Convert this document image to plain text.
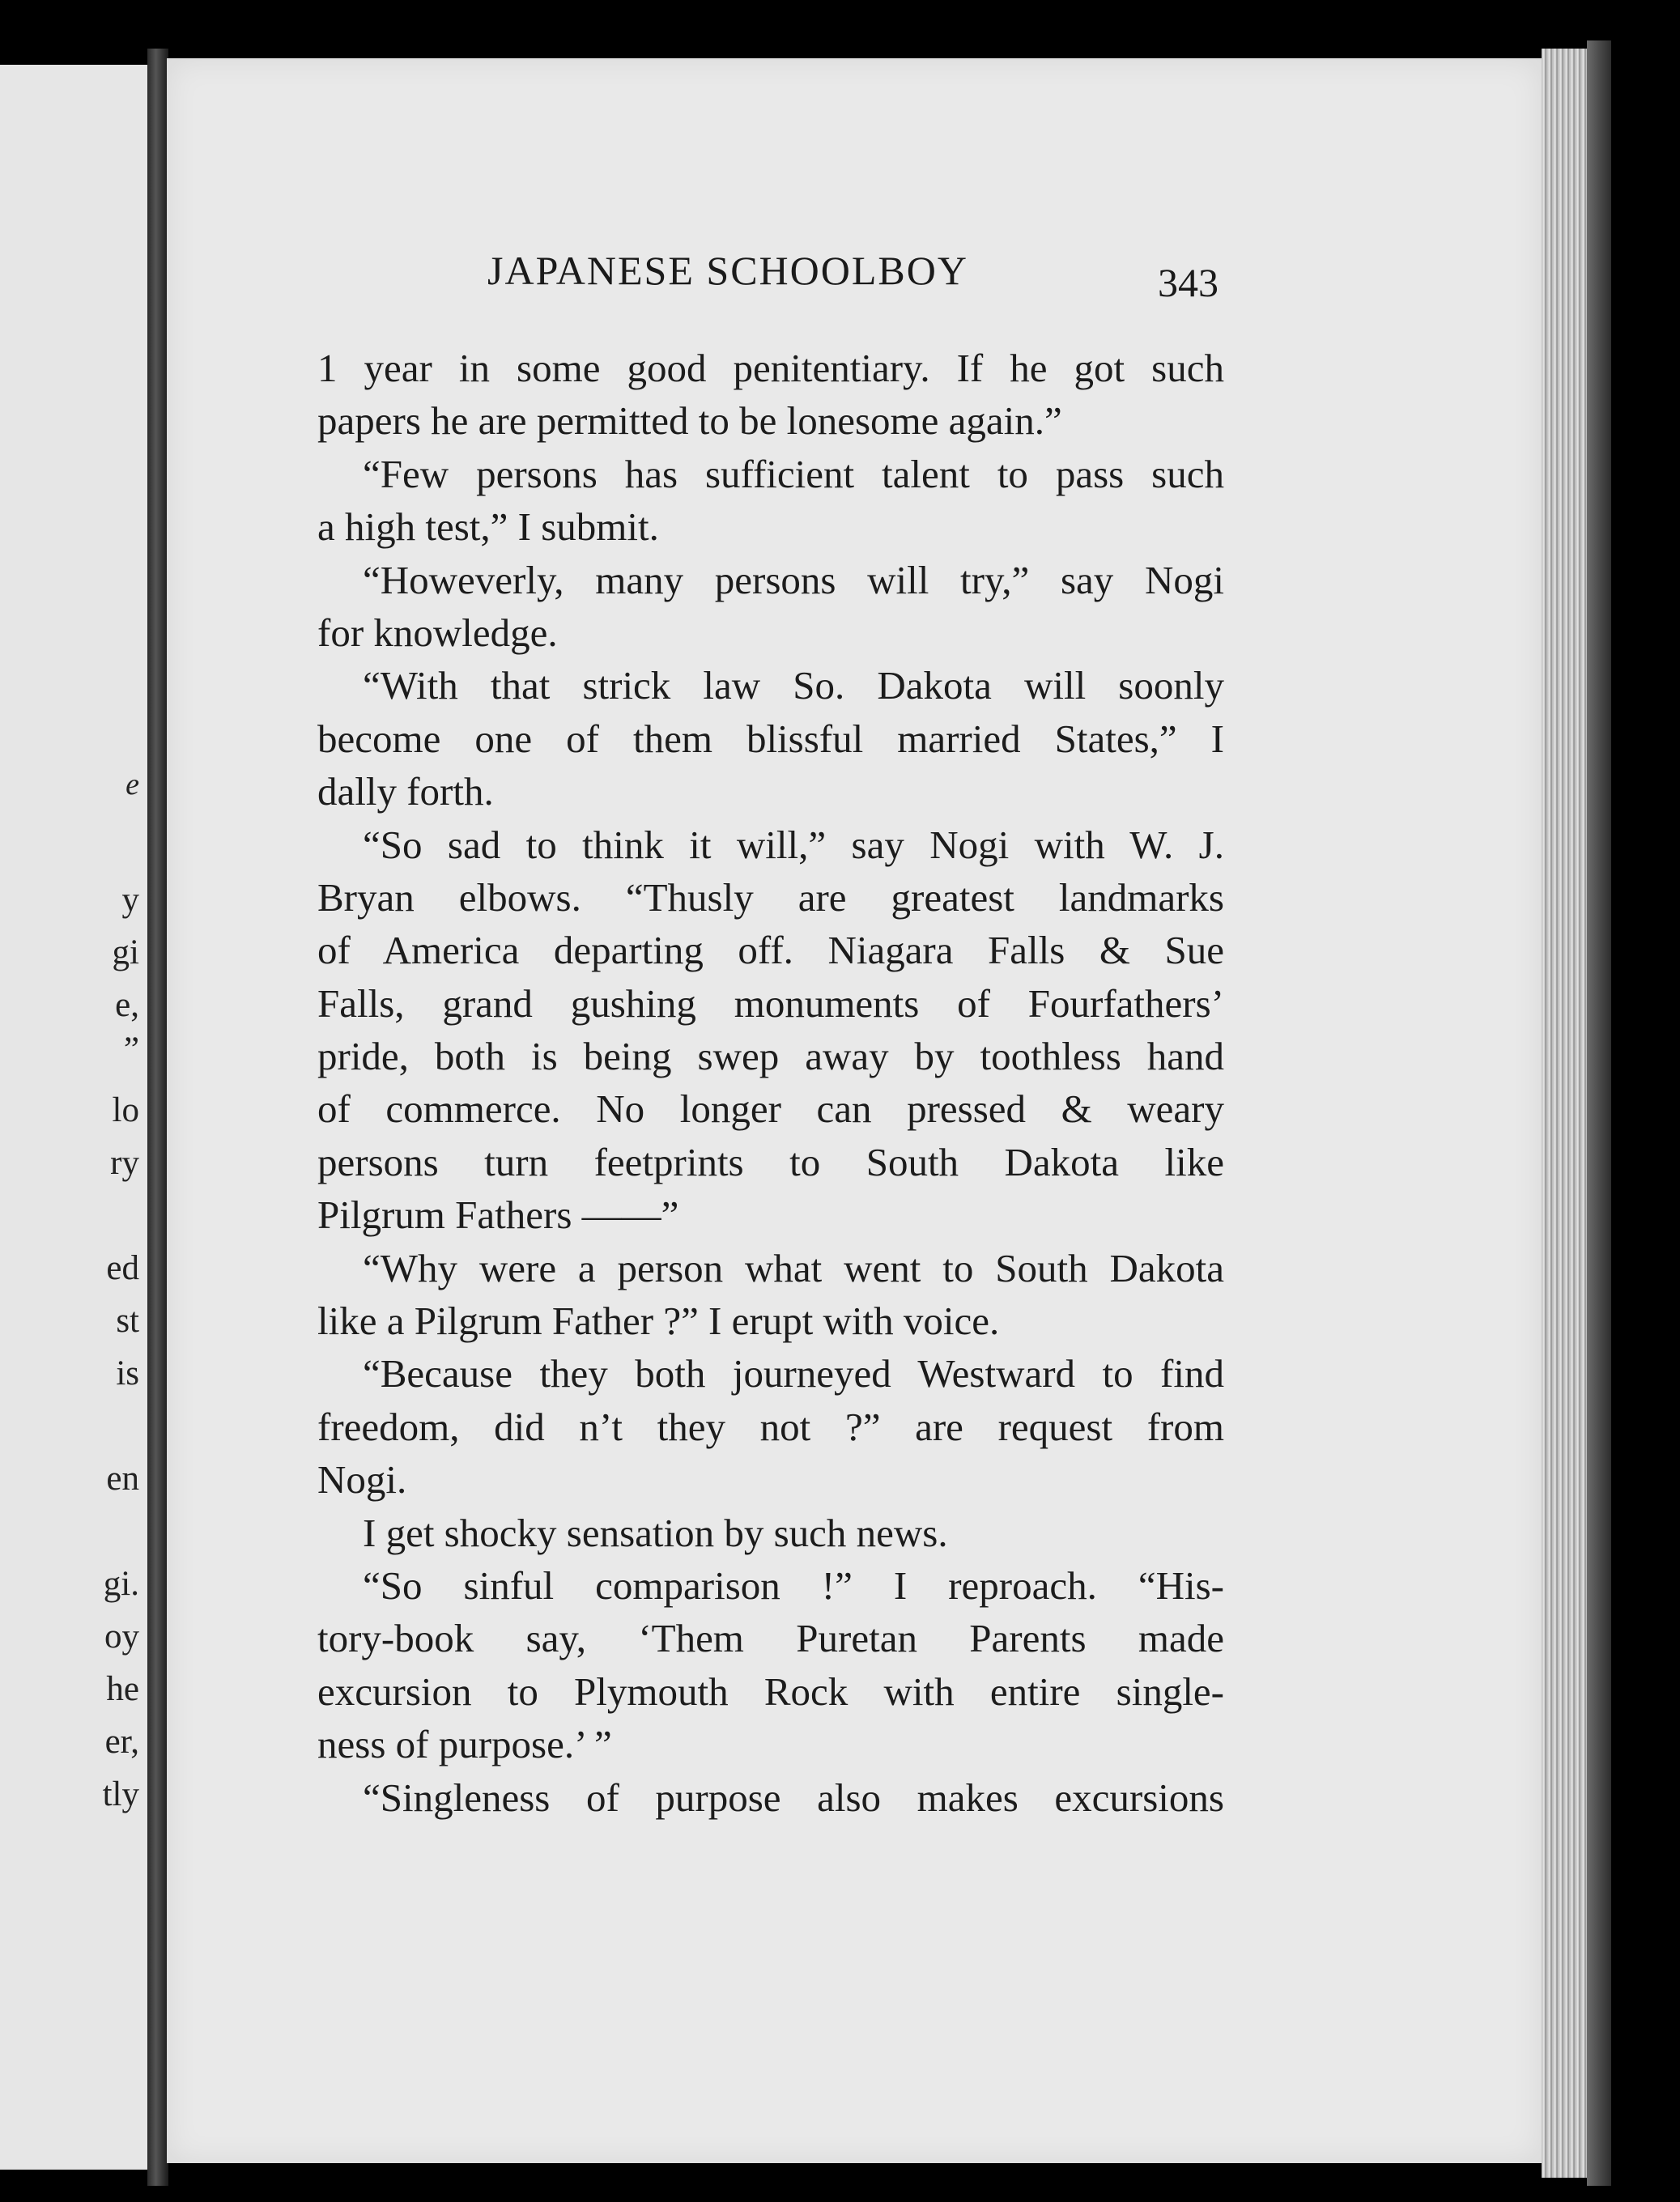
e
y
gi
e,
”
lo
ry
ed
st
is
en
gi.
oy
he
er,
tly
JAPANESE SCHOOLBOY	343
1 year in some good penitentiary. If he got such
papers he are permitted to be lonesome again.”
“Few persons has sufficient talent to pass such
a high test,” I submit.
“Howeverly, many persons will try,” say Nogi
for knowledge.
“With that strick law So. Dakota will soonly
become one of them blissful married States,” I
dally forth.
“So sad to think it will,” say Nogi with W. J.
Bryan elbows. “Thusly are greatest landmarks
of America departing off. Niagara Falls & Sue
Falls, grand gushing monuments of Fourfathers’
pride, both is being swep away by toothless hand
of commerce. No longer can pressed & weary
persons turn feetprints to South Dakota like
Pilgrum Fathers ——”
“Why were a person what went to South Dakota
like a Pilgrum Father ?” I erupt with voice.
“Because they both journeyed Westward to find
freedom, did n’t they not ?” are request from
Nogi.
I get shocky sensation by such news.
“So sinful comparison !” I reproach. “His-
tory-book say, ‘Them Puretan Parents made
excursion to Plymouth Rock with entire single-
ness of purpose.’ ”
“Singleness of purpose also makes excursions
